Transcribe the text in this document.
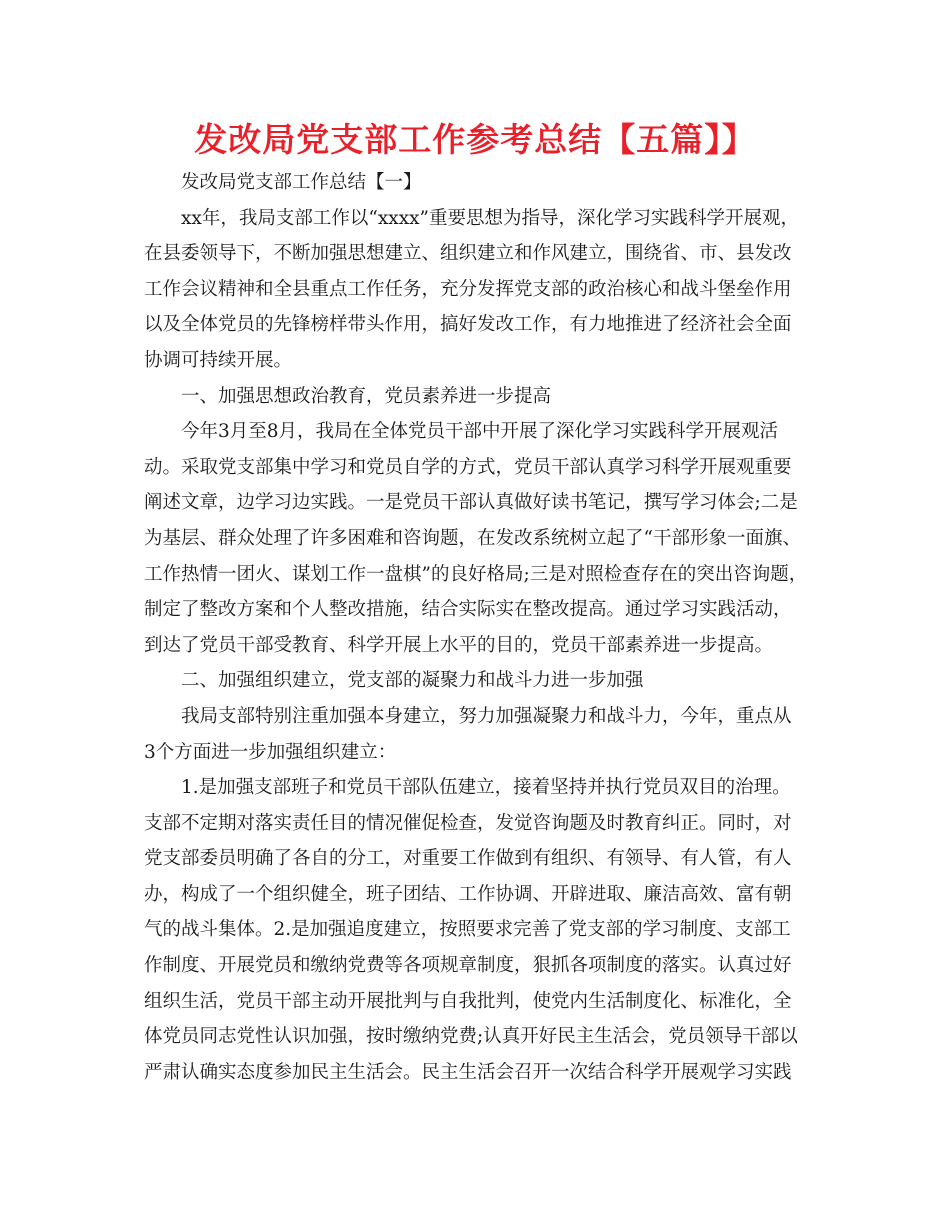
发改局党支部工作参考总结【五篇】】
发改局党支部工作总结【一】
xx年，我局支部工作以“xxxx”重要思想为指导，深化学习实践科学开展观，
在县委领导下，不断加强思想建立、组织建立和作风建立，围绕省、市、县发改
工作会议精神和全县重点工作任务，充分发挥党支部的政治核心和战斗堡垒作用
以及全体党员的先锋榜样带头作用，搞好发改工作，有力地推进了经济社会全面
协调可持续开展。
一、加强思想政治教育，党员素养进一步提高
今年3月至8月，我局在全体党员干部中开展了深化学习实践科学开展观活
动。采取党支部集中学习和党员自学的方式，党员干部认真学习科学开展观重要
阐述文章，边学习边实践。一是党员干部认真做好读书笔记，撰写学习体会;二是
为基层、群众处理了许多困难和咨询题，在发改系统树立起了“干部形象一面旗、
工作热情一团火、谋划工作一盘棋”的良好格局;三是对照检查存在的突出咨询题，
制定了整改方案和个人整改措施，结合实际实在整改提高。通过学习实践活动，
到达了党员干部受教育、科学开展上水平的目的，党员干部素养进一步提高。
二、加强组织建立，党支部的凝聚力和战斗力进一步加强
我局支部特别注重加强本身建立，努力加强凝聚力和战斗力，今年，重点从
3个方面进一步加强组织建立：
1.是加强支部班子和党员干部队伍建立，接着坚持并执行党员双目的治理。
支部不定期对落实责任目的情况催促检查，发觉咨询题及时教育纠正。同时，对
党支部委员明确了各自的分工，对重要工作做到有组织、有领导、有人管，有人
办，构成了一个组织健全，班子团结、工作协调、开辟进取、廉洁高效、富有朝
气的战斗集体。2.是加强追度建立，按照要求完善了党支部的学习制度、支部工
作制度、开展党员和缴纳党费等各项规章制度，狠抓各项制度的落实。认真过好
组织生活，党员干部主动开展批判与自我批判，使党内生活制度化、标准化，全
体党员同志党性认识加强，按时缴纳党费;认真开好民主生活会，党员领导干部以
严肃认确实态度参加民主生活会。民主生活会召开一次结合科学开展观学习实践
